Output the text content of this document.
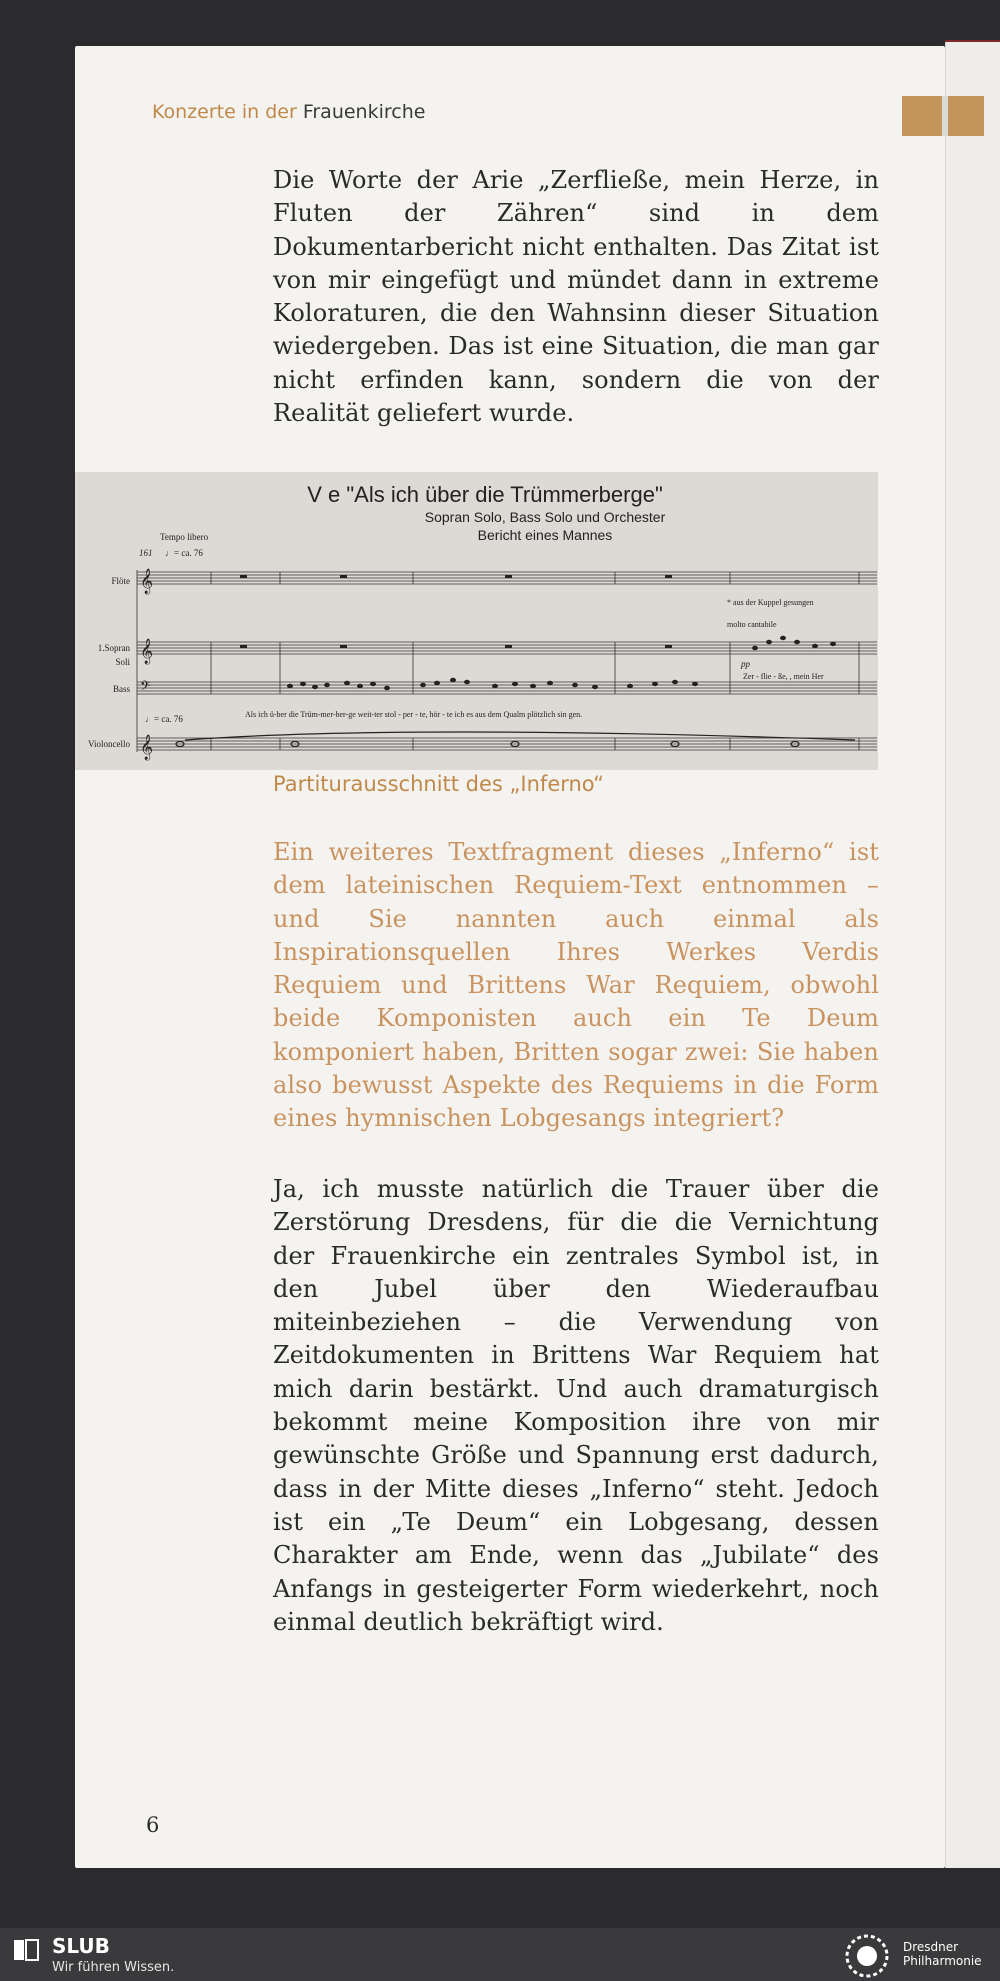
Konzerte in der Frauenkirche

Die Worte der Arie „Zerfließe, mein Herze, in Fluten der Zähren“ sind in dem Dokumentarbericht nicht enthalten. Das Zitat ist von mir eingefügt und mündet dann in extreme Koloraturen, die den Wahnsinn dieser Situation wiedergeben. Das ist eine Situation, die man gar nicht erfinden kann, sondern die von der Realität geliefert wurde.

V e "Als ich über die Trümmerberge"
Sopran Solo, Bass Solo und Orchester
Bericht eines Mannes
Tempo libero
161 ♩= ca. 76
* aus der Kuppel gesungen
molto cantabile
pp
♩= ca. 76
Flöte
1.Sopran
Soli
Bass
Violoncello
Als ich ü-ber die Trüm-mer-ber-ge weit-ter stol - per - te, hör - te ich es aus dem Qualm plötzlich sin gen.
Zer - flie - ße, , mein Her
𝄞
𝄞
𝄢
𝄞
Partiturausschnitt des „Inferno“

Ein weiteres Textfragment dieses „Inferno“ ist dem lateinischen Requiem-Text entnommen – und Sie nannten auch einmal als Inspirationsquellen Ihres Werkes Verdis Requiem und Brittens War Requiem, obwohl beide Komponisten auch ein Te Deum komponiert haben, Britten sogar zwei: Sie haben also bewusst Aspekte des Requiems in die Form eines hymnischen Lobgesangs integriert?

Ja, ich musste natürlich die Trauer über die Zerstörung Dresdens, für die die Vernichtung der Frauenkirche ein zentrales Symbol ist, in den Jubel über den Wiederaufbau miteinbeziehen – die Verwendung von Zeitdokumenten in Brittens War Requiem hat mich darin bestärkt. Und auch dramaturgisch bekommt meine Komposition ihre von mir gewünschte Größe und Spannung erst dadurch, dass in der Mitte dieses „Inferno“ steht. Jedoch ist ein „Te Deum“ ein Lobgesang, dessen Charakter am Ende, wenn das „Jubilate“ des Anfangs in gesteigerter Form wiederkehrt, noch einmal deutlich bekräftigt wird.

6
SLUB
Wir führen Wissen.
Dresdner
Philharmonie
